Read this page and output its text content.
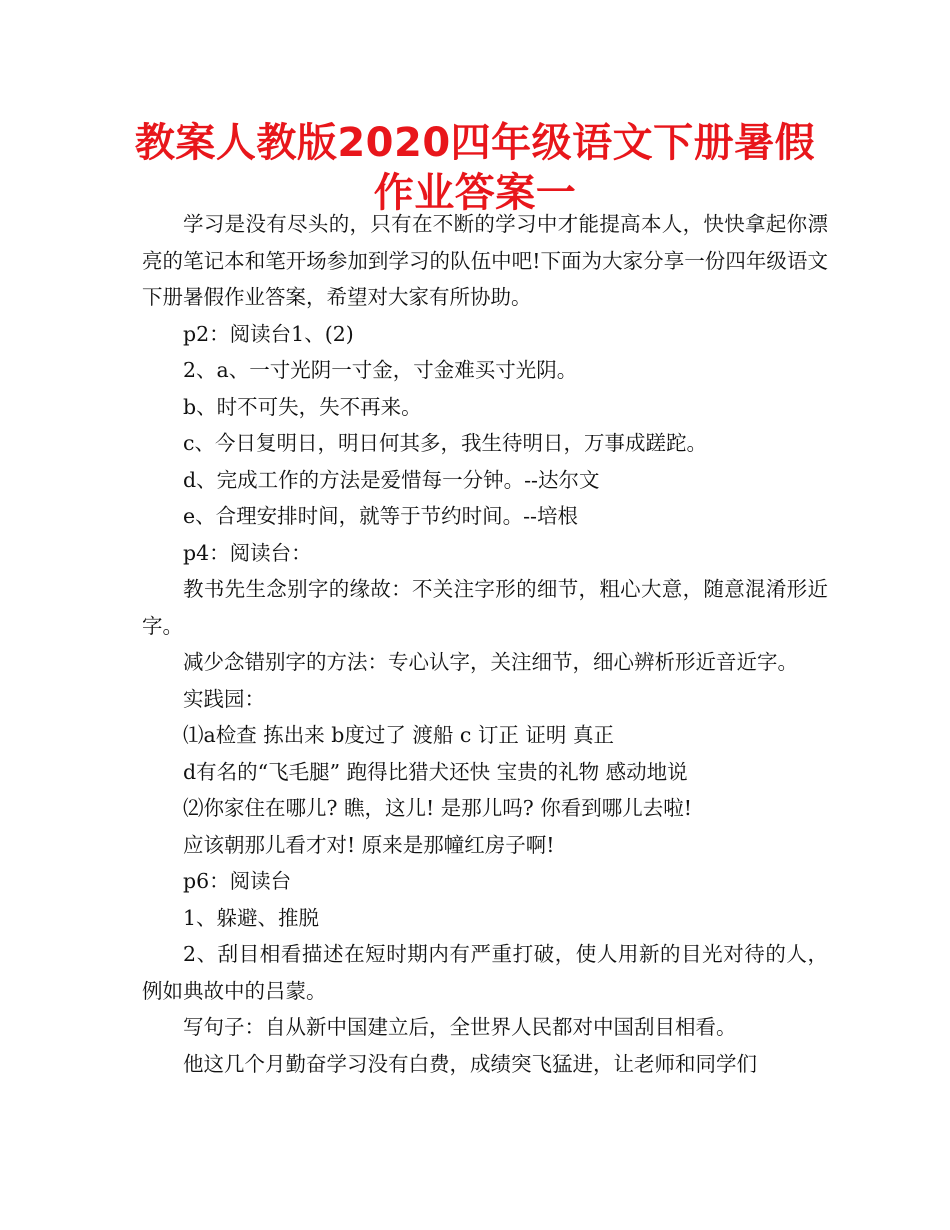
教案人教版2020四年级语文下册暑假作业答案一

学习是没有尽头的，只有在不断的学习中才能提高本人，快快拿起你漂亮的笔记本和笔开场参加到学习的队伍中吧!下面为大家分享一份四年级语文下册暑假作业答案，希望对大家有所协助。

p2：阅读台1、(2)

2、a、一寸光阴一寸金，寸金难买寸光阴。

b、时不可失，失不再来。

c、今日复明日，明日何其多，我生待明日，万事成蹉跎。

d、完成工作的方法是爱惜每一分钟。--达尔文

e、合理安排时间，就等于节约时间。--培根

p4：阅读台：

教书先生念别字的缘故：不关注字形的细节，粗心大意，随意混淆形近字。

减少念错别字的方法：专心认字，关注细节，细心辨析形近音近字。

实践园：

⑴a检查 拣出来 b度过了 渡船 c 订正 证明 真正

d有名的“飞毛腿” 跑得比猎犬还快 宝贵的礼物 感动地说

⑵你家住在哪儿? 瞧，这儿! 是那儿吗? 你看到哪儿去啦!

应该朝那儿看才对! 原来是那幢红房子啊!

p6：阅读台

1、躲避、推脱

2、刮目相看描述在短时期内有严重打破，使人用新的目光对待的人，例如典故中的吕蒙。

写句子：自从新中国建立后，全世界人民都对中国刮目相看。

他这几个月勤奋学习没有白费，成绩突飞猛进，让老师和同学们
